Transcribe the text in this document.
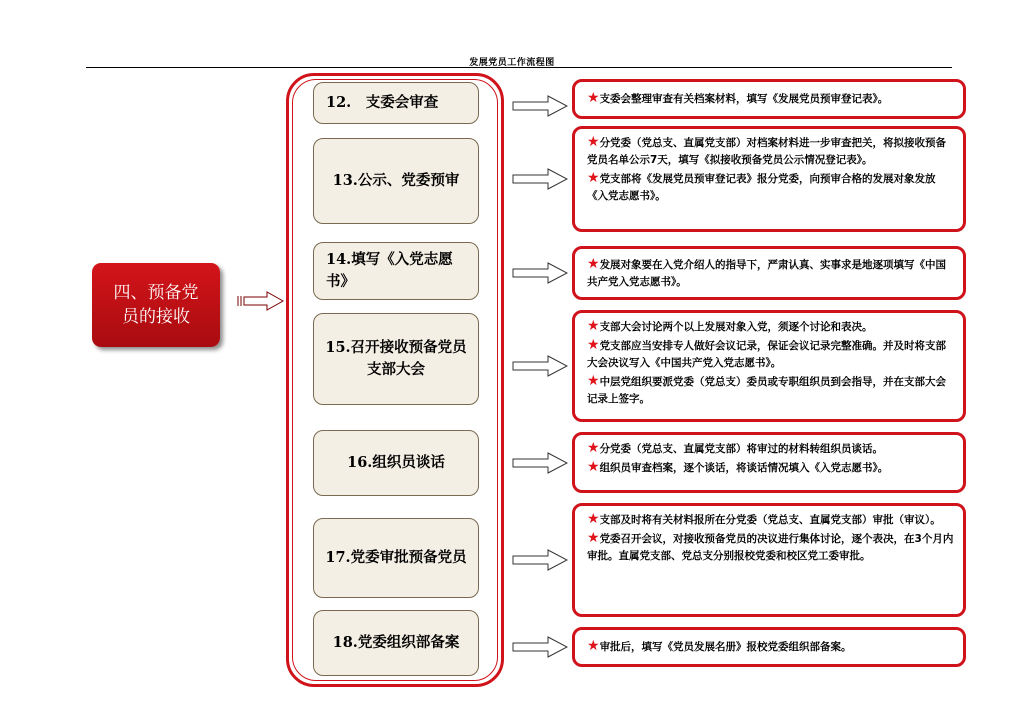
发展党员工作流程图
四、预备党员的接收
12.　支委会审查
13.公示、党委预审
14.填写《入党志愿书》
15.召开接收预备党员支部大会
16.组织员谈话
17.党委审批预备党员
18.党委组织部备案
★支委会整理审查有关档案材料，填写《发展党员预审登记表》。
★分党委（党总支、直属党支部）对档案材料进一步审查把关，将拟接收预备党员名单公示7天，填写《拟接收预备党员公示情况登记表》。
★党支部将《发展党员预审登记表》报分党委，向预审合格的发展对象发放《入党志愿书》。
★发展对象要在入党介绍人的指导下，严肃认真、实事求是地逐项填写《中国共产党入党志愿书》。
★支部大会讨论两个以上发展对象入党，须逐个讨论和表决。
★党支部应当安排专人做好会议记录，保证会议记录完整准确。并及时将支部大会决议写入《中国共产党入党志愿书》。
★中层党组织要派党委（党总支）委员或专职组织员到会指导，并在支部大会记录上签字。
★分党委（党总支、直属党支部）将审过的材料转组织员谈话。
★组织员审查档案，逐个谈话，将谈话情况填入《入党志愿书》。
★支部及时将有关材料报所在分党委（党总支、直属党支部）审批（审议）。
★党委召开会议，对接收预备党员的决议进行集体讨论，逐个表决，在3个月内审批。直属党支部、党总支分别报校党委和校区党工委审批。
★审批后，填写《党员发展名册》报校党委组织部备案。
